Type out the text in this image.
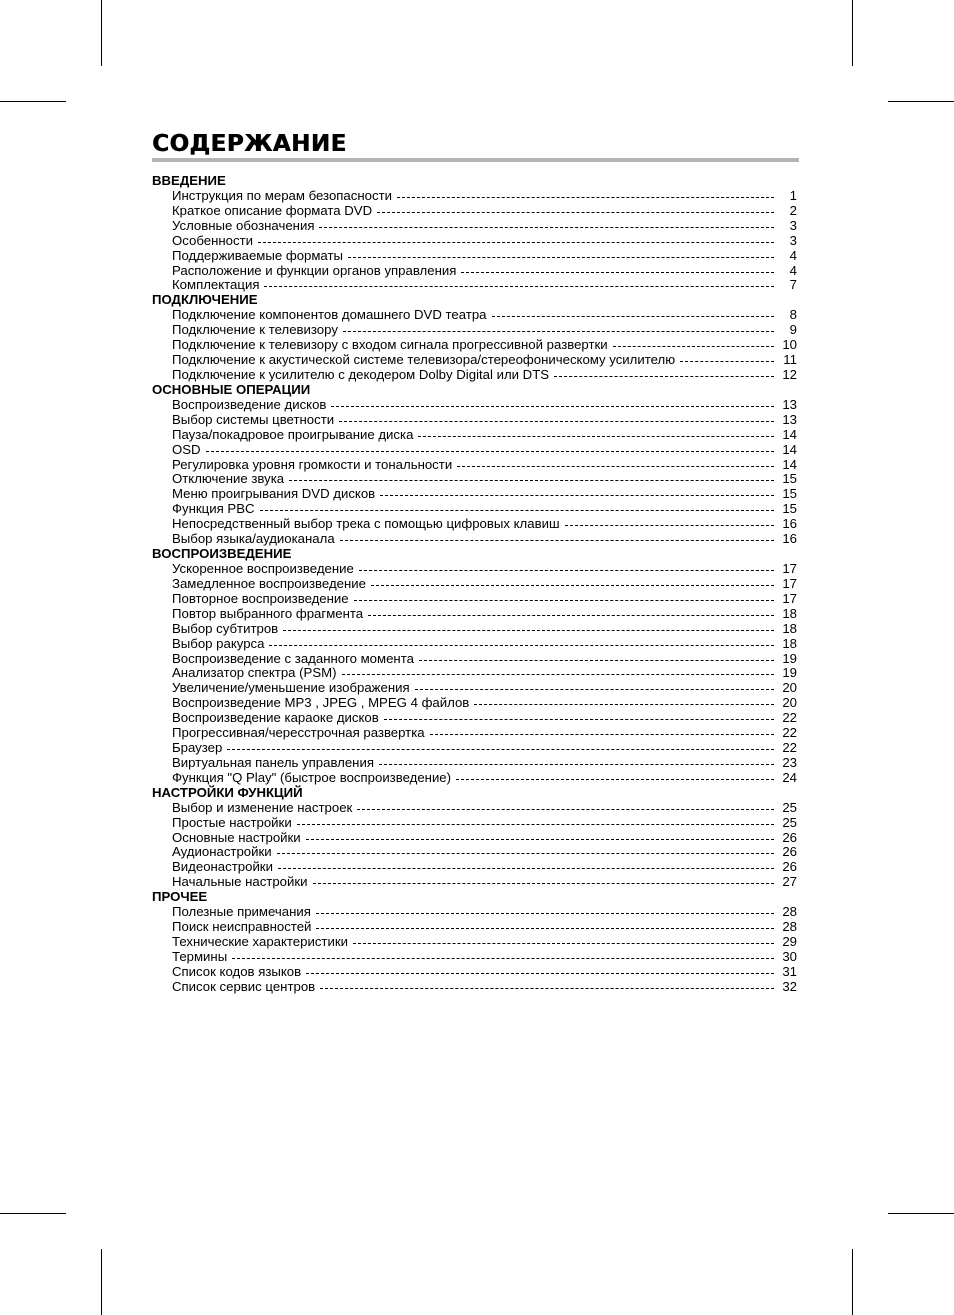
СОДЕРЖАНИЕ
ВВЕДЕНИЕ
Инструкция по мерам безопасности	1
Краткое описание формата DVD	2
Условные обозначения	3
Особенности	3
Поддерживаемые форматы	4
Расположение и функции органов управления	4
Комплектация	7
ПОДКЛЮЧЕНИЕ
Подключение компонентов домашнего DVD театра	8
Подключение к телевизору	9
Подключение к телевизору с входом сигнала прогрессивной развертки	10
Подключение к акустической системе телевизора/стереофоническому усилителю	11
Подключение к усилителю с декодером Dolby Digital или DTS	12
ОСНОВНЫЕ ОПЕРАЦИИ
Воспроизведение дисков	13
Выбор системы цветности	13
Пауза/покадровое проигрывание диска	14
OSD	14
Регулировка уровня громкости и тональности	14
Отключение звука	15
Меню проигрывания DVD дисков	15
Функция PBC	15
Непосредственный выбор трека с помощью цифровых клавиш	16
Выбор языка/аудиоканала	16
ВОСПРОИЗВЕДЕНИЕ
Ускоренное воспроизведение	17
Замедленное воспроизведение	17
Повторное воспроизведение	17
Повтор выбранного фрагмента	18
Выбор субтитров	18
Выбор ракурса	18
Воспроизведение с заданного момента	19
Анализатор спектра (PSM)	19
Увеличение/уменьшение изображения	20
Воспроизведение MP3 , JPEG , MPEG 4 файлов	20
Воспроизведение караоке дисков	22
Прогрессивная/чересстрочная развертка	22
Браузер	22
Виртуальная панель управления	23
Функция "Q Play" (быстрое воспроизведение)	24
НАСТРОЙКИ ФУНКЦИЙ
Выбор и изменение настроек	25
Простые настройки	25
Основные настройки	26
Аудионастройки	26
Видеонастройки	26
Начальные настройки	27
ПРОЧЕЕ
Полезные примечания	28
Поиск неисправностей	28
Технические характеристики	29
Термины	30
Список кодов языков	31
Список сервис центров	32
